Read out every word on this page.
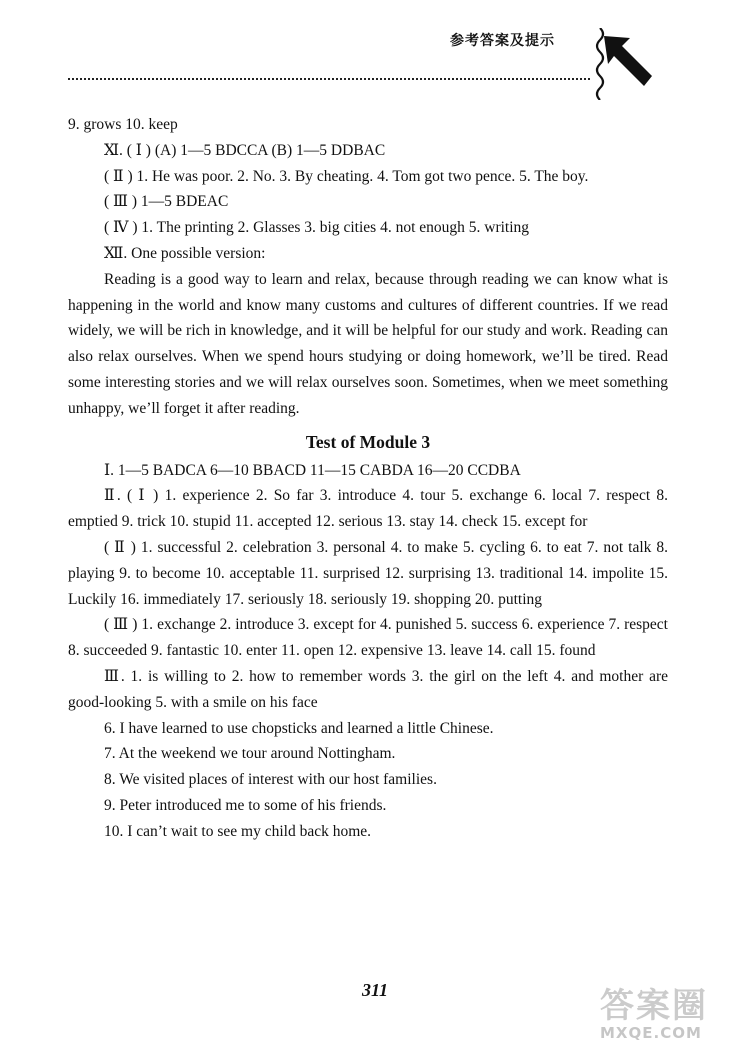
参考答案及提示

9. grows 10. keep

Ⅺ. ( Ⅰ ) (A) 1—5 BDCCA (B) 1—5 DDBAC

( Ⅱ ) 1. He was poor. 2. No. 3. By cheating. 4. Tom got two pence. 5. The boy.

( Ⅲ ) 1—5 BDEAC

( Ⅳ ) 1. The printing 2. Glasses 3. big cities 4. not enough 5. writing

Ⅻ. One possible version:

Reading is a good way to learn and relax, because through reading we can know what is happening in the world and know many customs and cultures of different countries. If we read widely, we will be rich in knowledge, and it will be helpful for our study and work. Reading can also relax ourselves. When we spend hours studying or doing homework, we’ll be tired. Read some interesting stories and we will relax ourselves soon. Sometimes, when we meet something unhappy, we’ll forget it after reading.

Test of Module 3

Ⅰ. 1—5 BADCA 6—10 BBACD 11—15 CABDA 16—20 CCDBA

Ⅱ. ( Ⅰ ) 1. experience 2. So far 3. introduce 4. tour 5. exchange 6. local 7. respect 8. emptied 9. trick 10. stupid 11. accepted 12. serious 13. stay 14. check 15. except for

( Ⅱ ) 1. successful 2. celebration 3. personal 4. to make 5. cycling 6. to eat 7. not talk 8. playing 9. to become 10. acceptable 11. surprised 12. surprising 13. traditional 14. impolite 15. Luckily 16. immediately 17. seriously 18. seriously 19. shopping 20. putting

( Ⅲ ) 1. exchange 2. introduce 3. except for 4. punished 5. success 6. experience 7. respect 8. succeeded 9. fantastic 10. enter 11. open 12. expensive 13. leave 14. call 15. found

Ⅲ. 1. is willing to 2. how to remember words 3. the girl on the left 4. and mother are good-looking 5. with a smile on his face

6. I have learned to use chopsticks and learned a little Chinese.

7. At the weekend we tour around Nottingham.

8. We visited places of interest with our host families.

9. Peter introduced me to some of his friends.

10. I can’t wait to see my child back home.

311	答案圈
MXQE.COM
